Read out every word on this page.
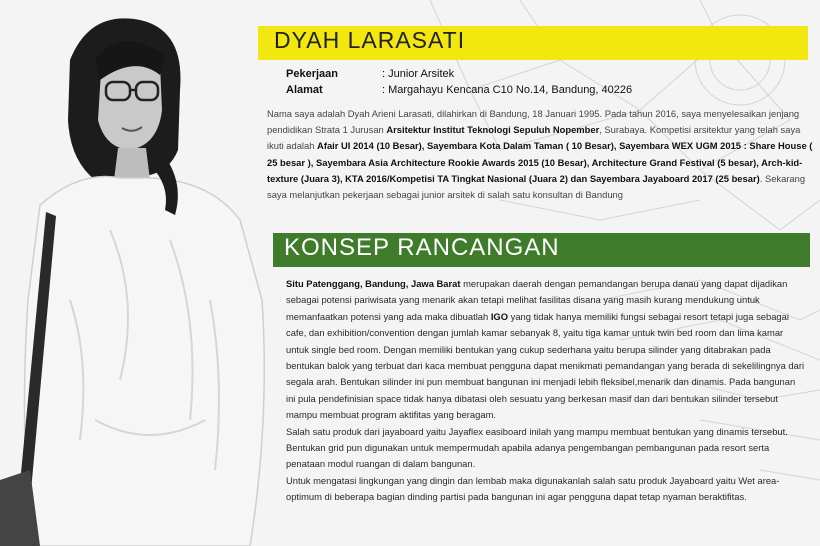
DYAH LARASATI
Pekerjaan	: Junior Arsitek
Alamat	: Margahayu Kencana C10 No.14, Bandung, 40226
Nama saya adalah Dyah Arieni Larasati, dilahirkan di Bandung, 18 Januari 1995. Pada tahun 2016, saya menyelesaikan jenjang pendidikan Strata 1 Jurusan Arsitektur Institut Teknologi Sepuluh Nopember, Surabaya. Kompetisi arsitektur yang telah saya ikuti adalah Afair UI 2014 (10 Besar), Sayembara Kota Dalam Taman ( 10 Besar), Sayembara WEX UGM 2015 : Share House ( 25 besar ), Sayembara Asia Architecture Rookie Awards 2015 (10 Besar), Architecture Grand Festival (5 besar), Arch-kid-texture (Juara 3), KTA 2016/Kompetisi TA Tingkat Nasional (Juara 2) dan Sayembara Jayaboard 2017 (25 besar). Sekarang saya melanjutkan pekerjaan sebagai junior arsitek di salah satu konsultan di Bandung
KONSEP RANCANGAN
Situ Patenggang, Bandung, Jawa Barat merupakan daerah dengan pemandangan berupa danau yang dapat dijadikan sebagai potensi pariwisata yang menarik akan tetapi melihat fasilitas disana yang masih kurang mendukung untuk memanfaatkan potensi yang ada maka dibuatlah IGO yang tidak hanya memiliki fungsi sebagai resort tetapi juga sebagai cafe, dan exhibition/convention dengan jumlah kamar sebanyak 8, yaitu tiga kamar untuk twin bed room dan lima kamar untuk single bed room. Dengan memiliki bentukan yang cukup sederhana yaitu berupa silinder yang ditabrakan pada bentukan balok yang terbuat dari kaca membuat pengguna dapat menikmati pemandangan yang berada di sekelilingnya dari segala arah. Bentukan silinder ini pun membuat bangunan ini menjadi lebih fleksibel,menarik dan dinamis. Pada bangunan ini pula pendefinisian space tidak hanya dibatasi oleh sesuatu yang berkesan masif dan dari bentukan silinder tersebut mampu membuat program aktifitas yang beragam.
Salah satu produk dari jayaboard yaitu Jayaflex easiboard inilah yang mampu membuat bentukan yang dinamis tersebut. Bentukan grid pun digunakan untuk mempermudah apabila adanya pengembangan pembangunan pada resort serta penataan modul ruangan di dalam bangunan.
Untuk mengatasi lingkungan yang dingin dan lembab maka digunakanlah salah satu produk Jayaboard yaitu Wet area-optimum di beberapa bagian dinding partisi pada bangunan ini agar pengguna dapat tetap nyaman beraktifitas.
